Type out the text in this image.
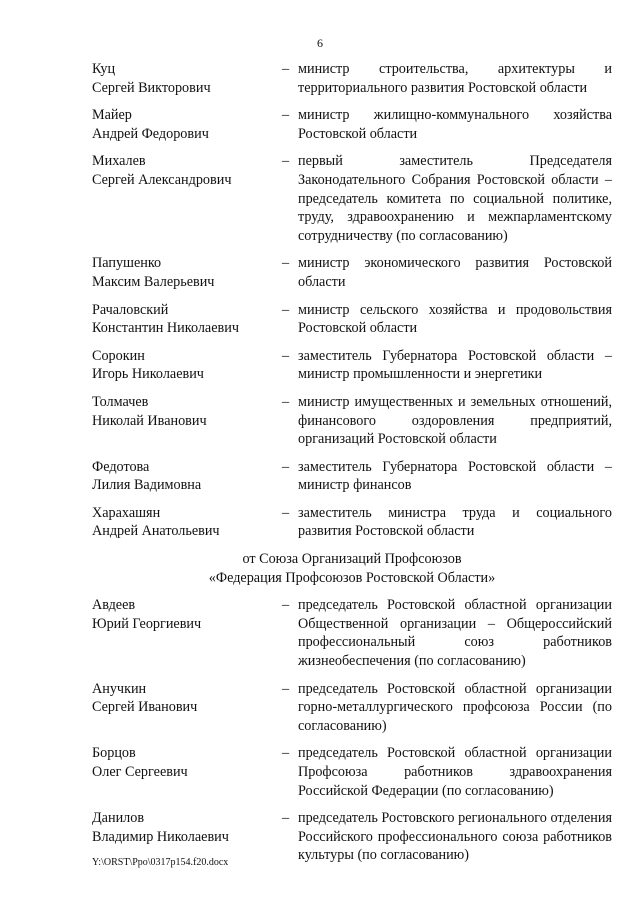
6
Куц
Сергей Викторович
– министр строительства, архитектуры и территориального развития Ростовской области
Майер
Андрей Федорович
– министр жилищно-коммунального хозяйства Ростовской области
Михалев
Сергей Александрович
– первый заместитель Председателя Законодательного Собрания Ростовской области – председатель комитета по социальной политике, труду, здравоохранению и межпарламентскому сотрудничеству (по согласованию)
Папушенко
Максим Валерьевич
– министр экономического развития Ростовской области
Рачаловский
Константин Николаевич
– министр сельского хозяйства и продовольствия Ростовской области
Сорокин
Игорь Николаевич
– заместитель Губернатора Ростовской области – министр промышленности и энергетики
Толмачев
Николай Иванович
– министр имущественных и земельных отношений, финансового оздоровления предприятий, организаций Ростовской области
Федотова
Лилия Вадимовна
– заместитель Губернатора Ростовской области – министр финансов
Харахашян
Андрей Анатольевич
– заместитель министра труда и социального развития Ростовской области
от Союза Организаций Профсоюзов
«Федерация Профсоюзов Ростовской Области»
Авдеев
Юрий Георгиевич
– председатель Ростовской областной организации Общественной организации – Общероссийский профессиональный союз работников жизнеобеспечения (по согласованию)
Анучкин
Сергей Иванович
– председатель Ростовской областной организации горно-металлургического профсоюза России (по согласованию)
Борцов
Олег Сергеевич
– председатель Ростовской областной организации Профсоюза работников здравоохранения Российской Федерации (по согласованию)
Данилов
Владимир Николаевич
– председатель Ростовского регионального отделения Российского профессионального союза работников культуры (по согласованию)
Y:\ORST\Ppo\0317p154.f20.docx
